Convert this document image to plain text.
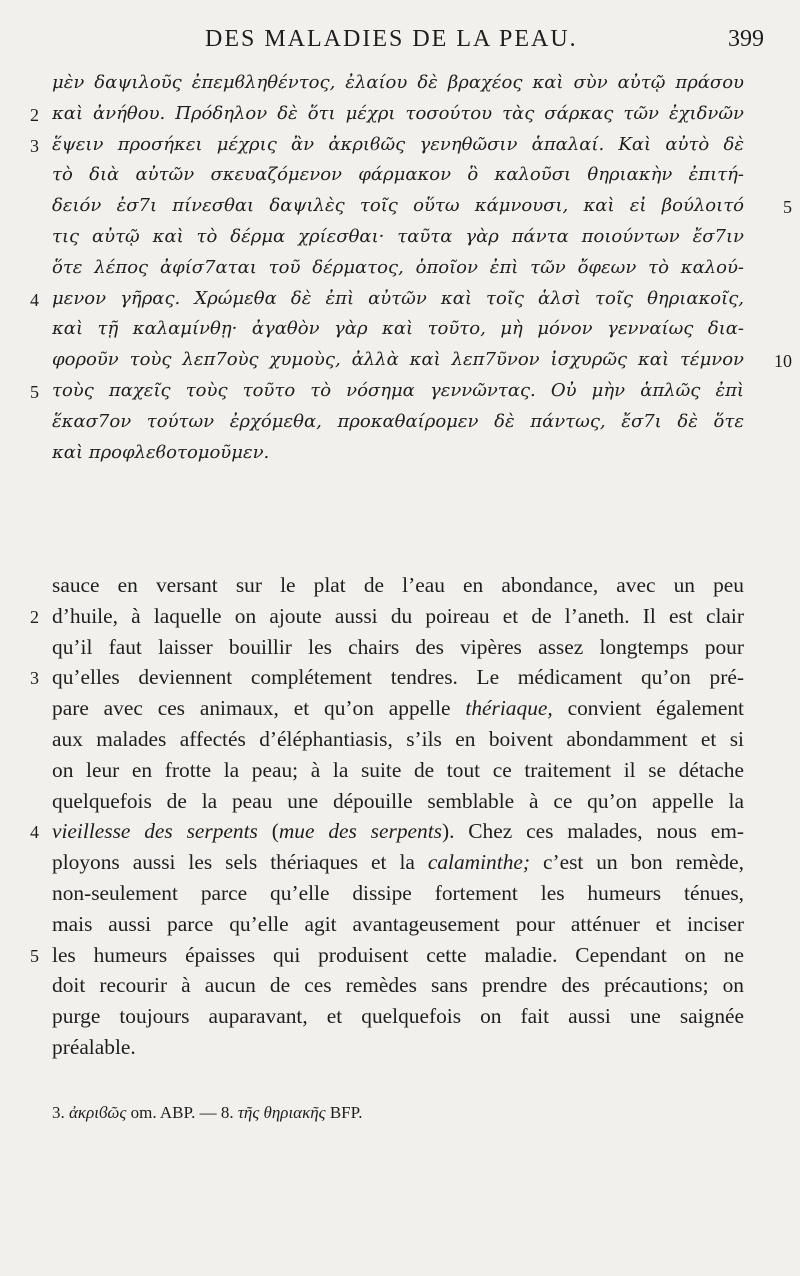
DES MALADIES DE LA PEAU.	399
μὲν δαψιλοῦς ἐπεμϐληθέντος, ἐλαίου δὲ βραχέος καὶ σὺν αὐτῷ πράσου
2 καὶ ἀνήθου. Πρόδηλον δὲ ὅτι μέχρι τοσούτου τὰς σάρκας τῶν ἐχιδνῶν
3 ἕψειν προσήκει μέχρις ἂν ἀκριϐῶς γενηθῶσιν ἁπαλαί. Καὶ αὐτὸ δὲ
τὸ διὰ αὐτῶν σκευαζόμενον φάρμακον ὃ καλοῦσι θηριακὴν ἐπιτή-
5
δειόν ἐσ7ι πίνεσθαι δαψιλὲς τοῖς οὕτω κάμνουσι, καὶ εἰ βούλοιτό
τις αὐτῷ καὶ τὸ δέρμα χρίεσθαι· ταῦτα γὰρ πάντα ποιούντων ἔσ7ιν
ὅτε λέπος ἀφίσ7αται τοῦ δέρματος, ὁποῖον ἐπὶ τῶν ὄφεων τὸ καλού-
4 μενον γῆρας. Χρώμεθα δὲ ἐπὶ αὐτῶν καὶ τοῖς ἁλσὶ τοῖς θηριακοῖς,
καὶ τῇ καλαμίνθῃ· ἀγαθὸν γὰρ καὶ τοῦτο, μὴ μόνον γενναίως δια-
10
φοροῦν τοὺς λεπ7οὺς χυμοὺς, ἀλλὰ καὶ λεπ7ῦνον ἰσχυρῶς καὶ τέμνον
5 τοὺς παχεῖς τοὺς τοῦτο τὸ νόσημα γεννῶντας. Οὐ μὴν ἁπλῶς ἐπὶ
ἕκασ7ον τούτων ἐρχόμεθα, προκαθαίρομεν δὲ πάντως, ἔσ7ι δὲ ὅτε
καὶ προφλεϐοτομοῦμεν.
sauce en versant sur le plat de l’eau en abondance, avec un peu
2 d’huile, à laquelle on ajoute aussi du poireau et de l’aneth. Il est clair
qu’il faut laisser bouillir les chairs des vipères assez longtemps pour
3 qu’elles deviennent complétement tendres. Le médicament qu’on pré-
pare avec ces animaux, et qu’on appelle thériaque, convient également
aux malades affectés d’éléphantiasis, s’ils en boivent abondamment et si
on leur en frotte la peau; à la suite de tout ce traitement il se détache
quelquefois de la peau une dépouille semblable à ce qu’on appelle la
4 vieillesse des serpents (mue des serpents). Chez ces malades, nous em-
ployons aussi les sels thériaques et la calaminthe; c’est un bon remède,
non-seulement parce qu’elle dissipe fortement les humeurs ténues,
mais aussi parce qu’elle agit avantageusement pour atténuer et inciser
5 les humeurs épaisses qui produisent cette maladie. Cependant on ne
doit recourir à aucun de ces remèdes sans prendre des précautions; on
purge toujours auparavant, et quelquefois on fait aussi une saignée
préalable.
3. ἀκριϐῶς om. ABP. — 8. τῆς θηριακῆς BFP.
